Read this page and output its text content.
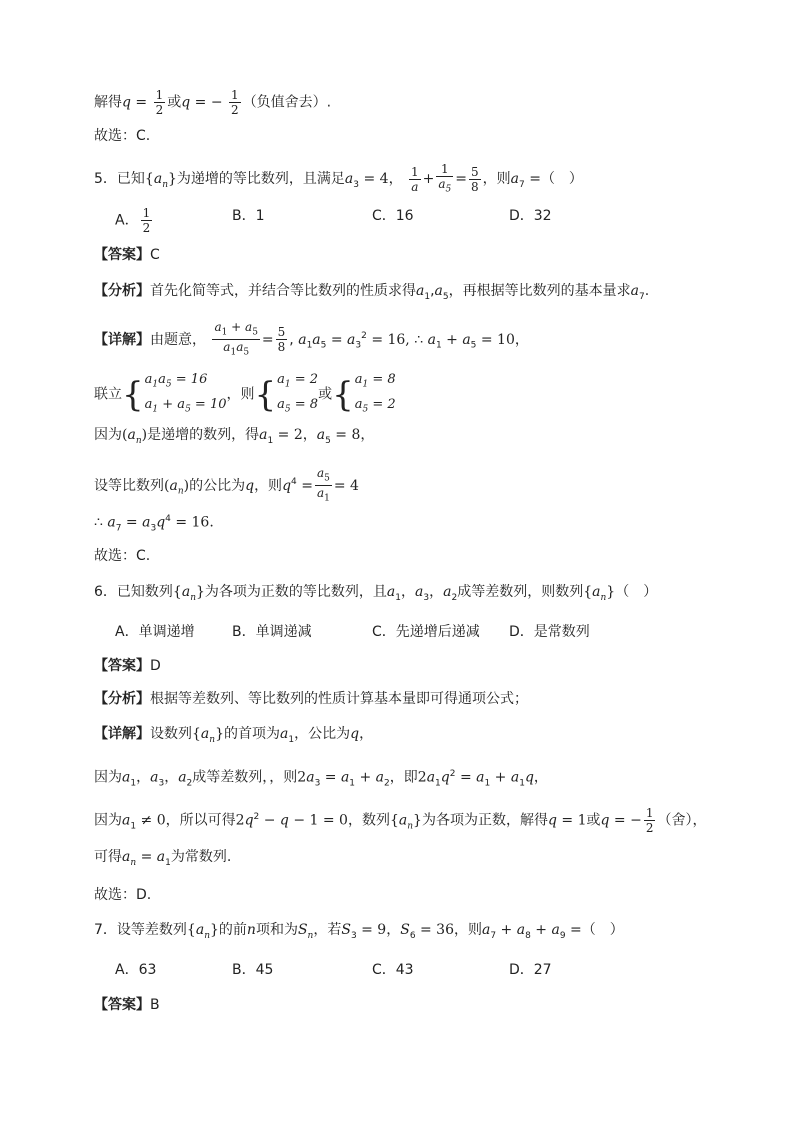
解得$q = \frac{1}{2}$ 或q = − $\frac{1}{2}$ （负值舍去）.
故选：C.
5．已知$\{a_n\}$为递增的等比数列，且满足$a_3 = 4$， $\frac{1}{a} + \frac{1}{a_5} = \frac{5}{8}$ ，则$a_7$ =（　）
A． $\frac{1}{2}$	B．1	C．16	D．32
【答案】C
【分析】首先化简等式，并结合等比数列的性质求得$a_1,a_5$，再根据等比数列的基本量求$a_7$.
【详解】由题意， $\frac{a_1 + a_5}{a_1a_5} = \frac{5}{8}$ , $a_1a_5 = a_3^2 = 16$, ∴ $a_1 + a_5 = 10$，
联立{ $a_1a_5 = 16$
$a_1 + a_5 = 10$
，则{ $a_1 = 2$
$a_5 = 8$
或{ $a_1 = 8$
$a_5 = 2$
因为$(a_n)$是递增的数列，得$a_1 = 2$，$a_5 = 8$，
设等比数列$(a_n)$的公比为q，则$q^4 = \frac{a_5}{a_1} = 4$
∴ $a_7 = a_3q^4 = 16$.
故选：C.
6．已知数列$\{a_n\}$为各项为正数的等比数列，且$a_1$，$a_3$，$a_2$成等差数列，则数列$\{a_n\}$（　）
A．单调递增	B．单调递减	C．先递增后递减 D．是常数列
【答案】D
【分析】根据等差数列、等比数列的性质计算基本量即可得通项公式；
【详解】设数列$\{a_n\}$的首项为$a_1$，公比为q，
因为$a_1$，$a_3$，$a_2$成等差数列，，则$2a_3 = a_1 + a_2$，即$2a_1q^2 = a_1 + a_1q$，
因为$a_1 \ne 0$，所以可得$2q^2 - q - 1 = 0$，数列$\{a_n\}$为各项为正数，解得q = 1或q = − $\frac{1}{2}$ （舍），
可得$a_n = a_1$为常数列.
故选：D.
7．设等差数列$\{a_n\}$的前n项和为$S_n$，若$S_3 = 9$，$S_6 = 36$，则$a_7 + a_8 + a_9$ =（　）
A．63	B．45	C．43	D．27
【答案】B
